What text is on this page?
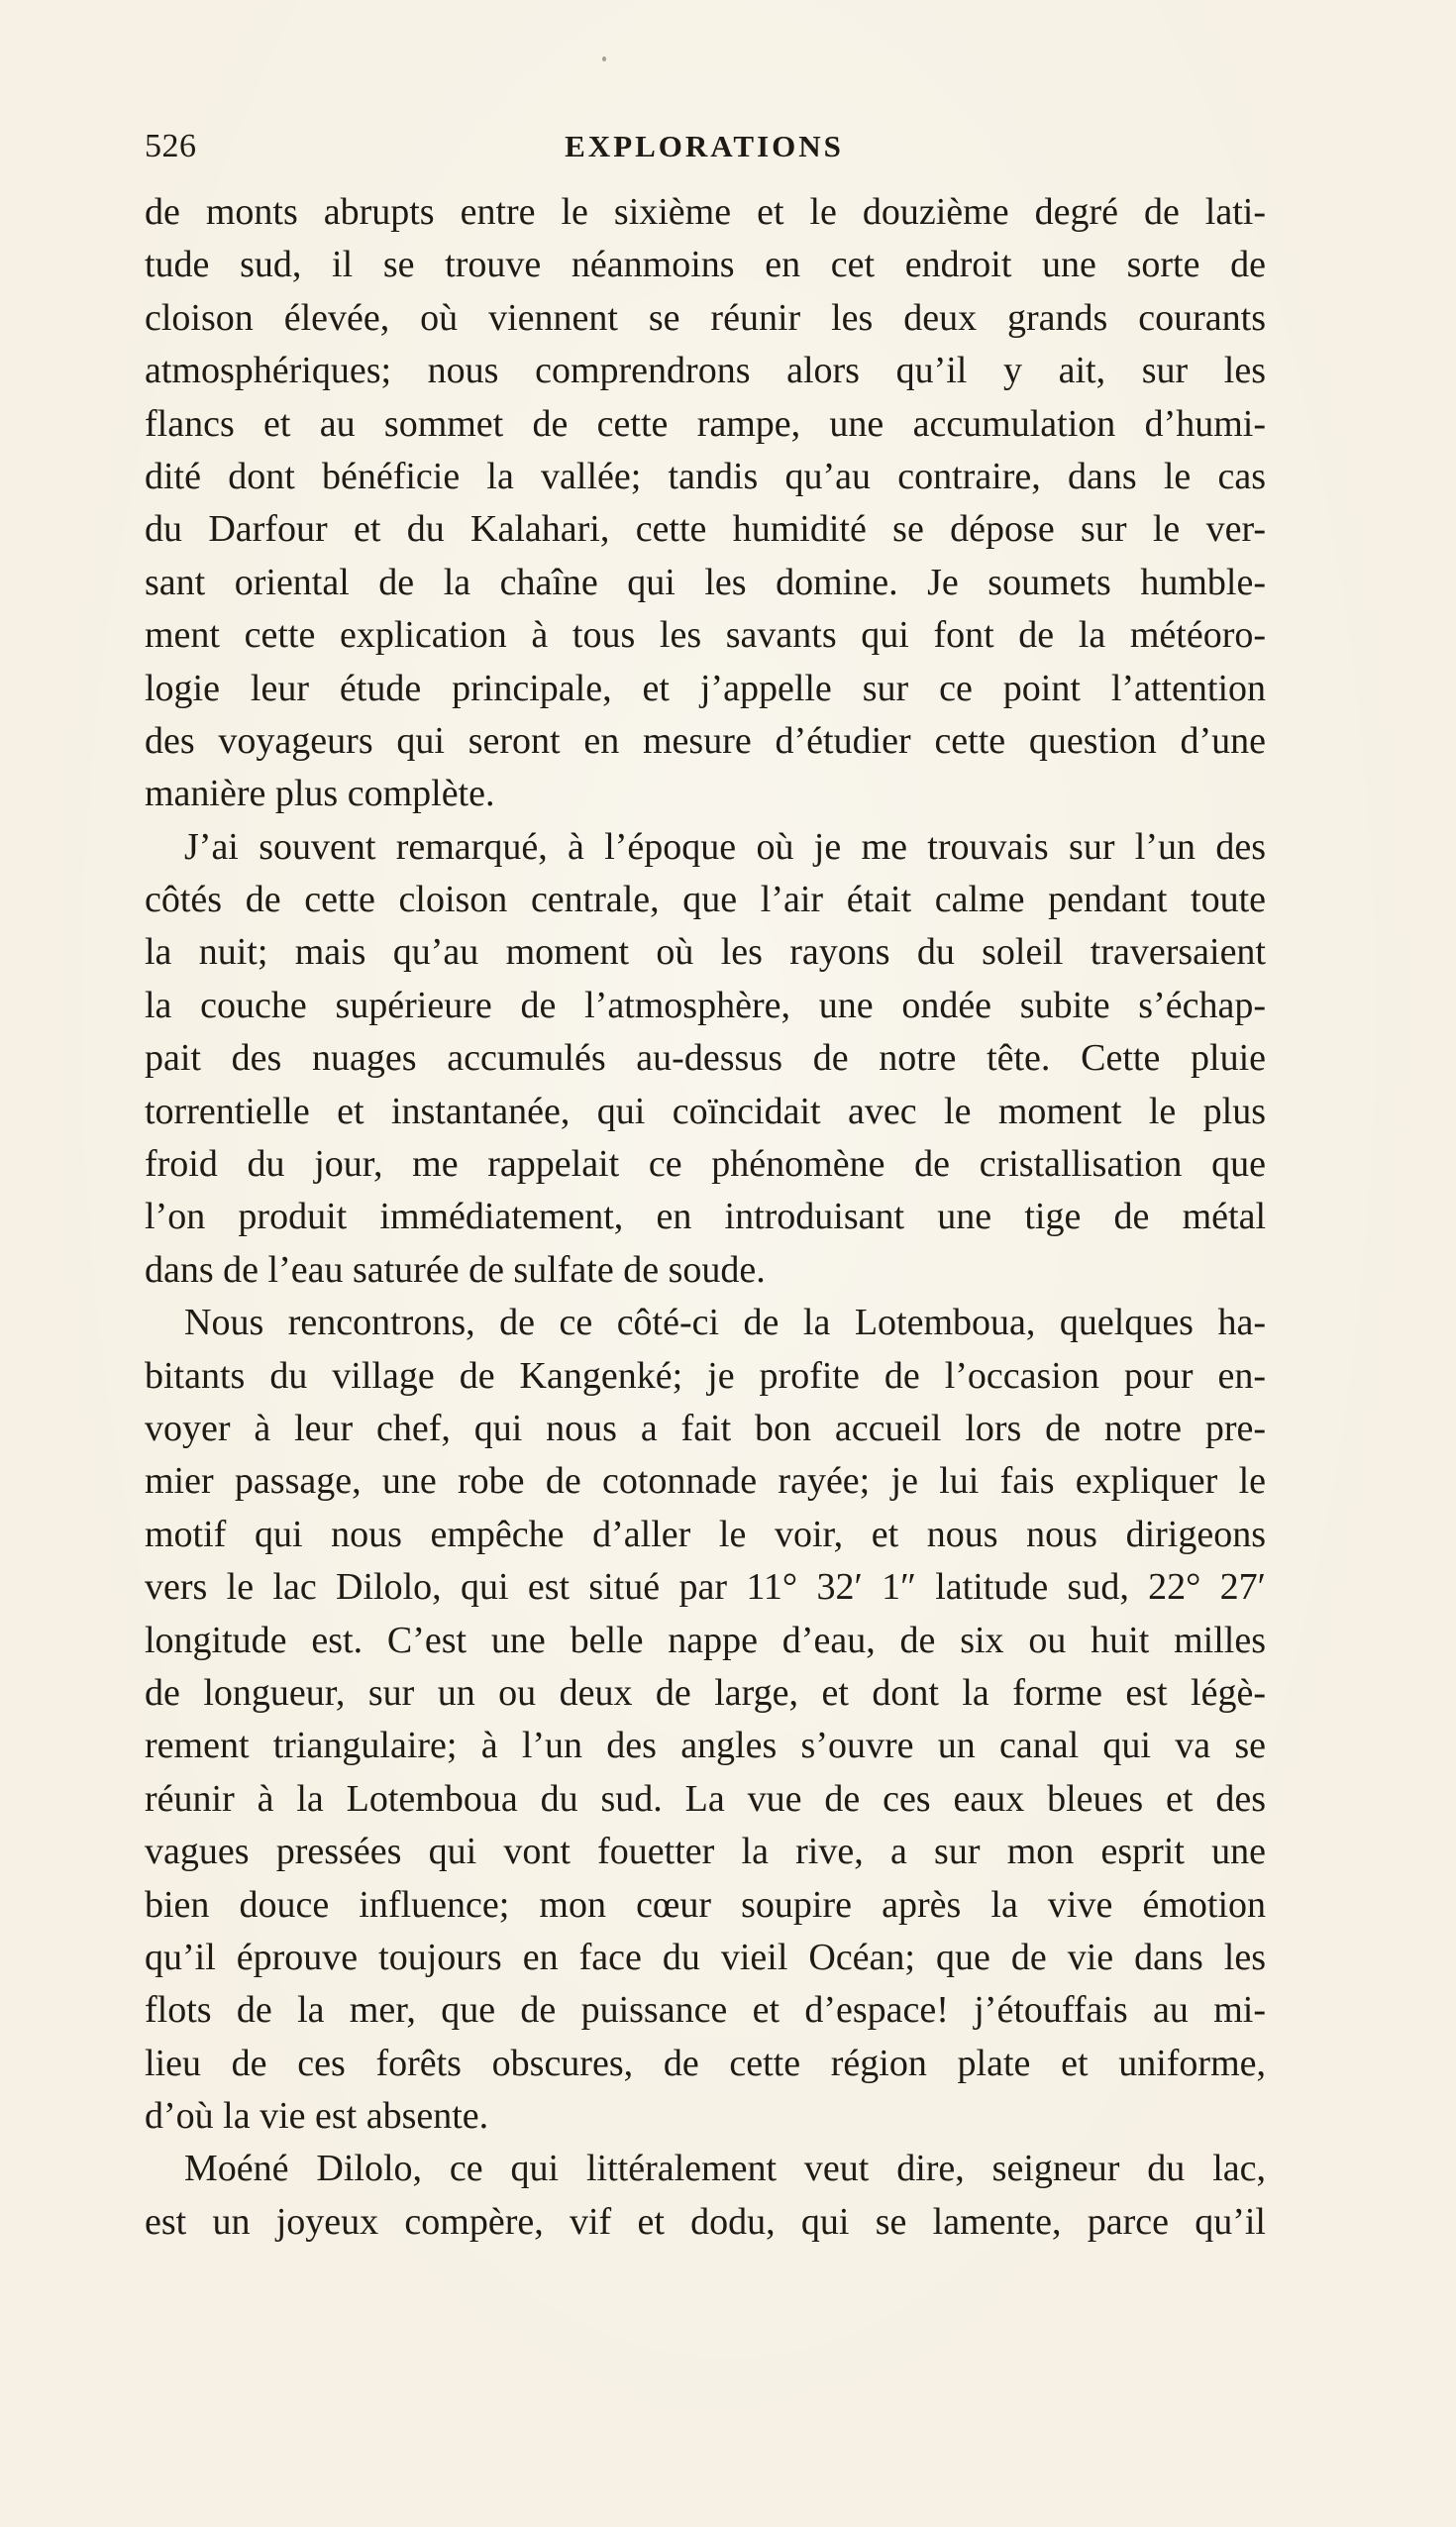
526	EXPLORATIONS
de monts abrupts entre le sixième et le douzième degré de lati-
tude sud, il se trouve néanmoins en cet endroit une sorte de
cloison élevée, où viennent se réunir les deux grands courants
atmosphériques; nous comprendrons alors qu’il y ait, sur les
flancs et au sommet de cette rampe, une accumulation d’humi-
dité dont bénéficie la vallée; tandis qu’au contraire, dans le cas
du Darfour et du Kalahari, cette humidité se dépose sur le ver-
sant oriental de la chaîne qui les domine. Je soumets humble-
ment cette explication à tous les savants qui font de la météoro-
logie leur étude principale, et j’appelle sur ce point l’attention
des voyageurs qui seront en mesure d’étudier cette question d’une
manière plus complète.
J’ai souvent remarqué, à l’époque où je me trouvais sur l’un des
côtés de cette cloison centrale, que l’air était calme pendant toute
la nuit; mais qu’au moment où les rayons du soleil traversaient
la couche supérieure de l’atmosphère, une ondée subite s’échap-
pait des nuages accumulés au-dessus de notre tête. Cette pluie
torrentielle et instantanée, qui coïncidait avec le moment le plus
froid du jour, me rappelait ce phénomène de cristallisation que
l’on produit immédiatement, en introduisant une tige de métal
dans de l’eau saturée de sulfate de soude.
Nous rencontrons, de ce côté-ci de la Lotemboua, quelques ha-
bitants du village de Kangenké; je profite de l’occasion pour en-
voyer à leur chef, qui nous a fait bon accueil lors de notre pre-
mier passage, une robe de cotonnade rayée; je lui fais expliquer le
motif qui nous empêche d’aller le voir, et nous nous dirigeons
vers le lac Dilolo, qui est situé par 11° 32′ 1″ latitude sud, 22° 27′
longitude est. C’est une belle nappe d’eau, de six ou huit milles
de longueur, sur un ou deux de large, et dont la forme est légè-
rement triangulaire; à l’un des angles s’ouvre un canal qui va se
réunir à la Lotemboua du sud. La vue de ces eaux bleues et des
vagues pressées qui vont fouetter la rive, a sur mon esprit une
bien douce influence; mon cœur soupire après la vive émotion
qu’il éprouve toujours en face du vieil Océan; que de vie dans les
flots de la mer, que de puissance et d’espace! j’étouffais au mi-
lieu de ces forêts obscures, de cette région plate et uniforme,
d’où la vie est absente.
Moéné Dilolo, ce qui littéralement veut dire, seigneur du lac,
est un joyeux compère, vif et dodu, qui se lamente, parce qu’il
